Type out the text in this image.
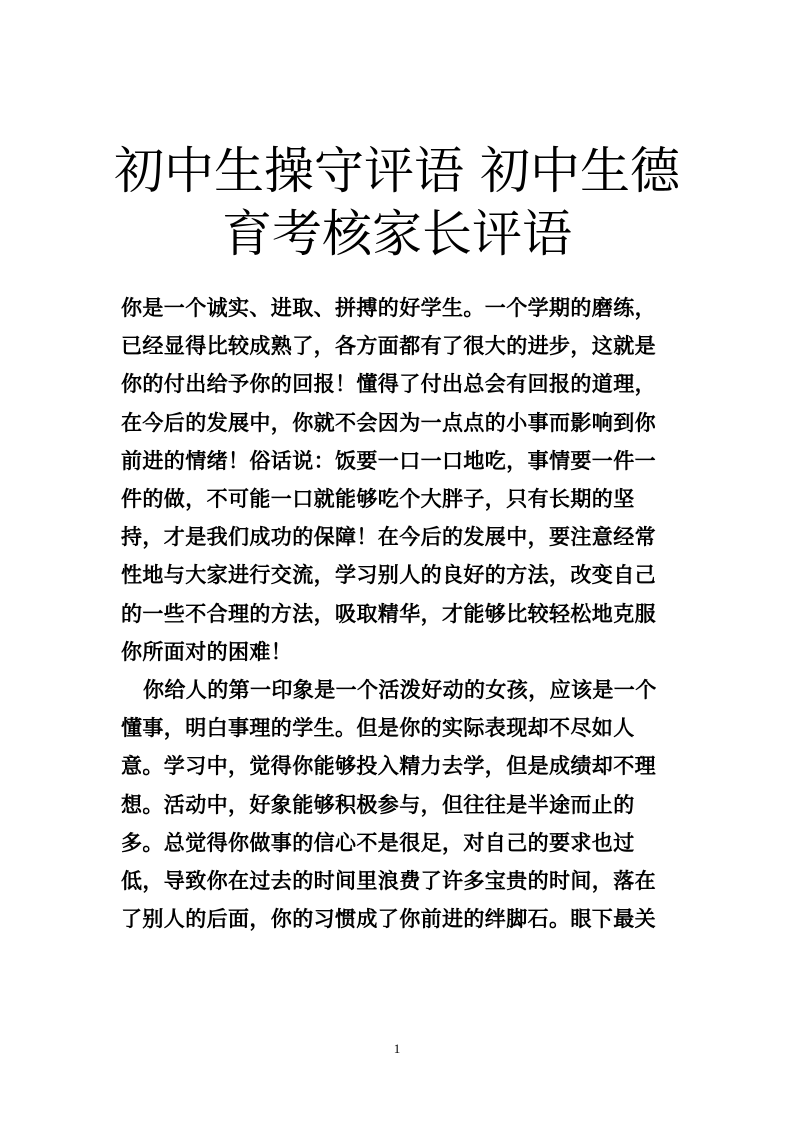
初中生操守评语 初中生德
育考核家长评语

你是一个诚实、进取、拼搏的好学生。一个学期的磨练，
已经显得比较成熟了，各方面都有了很大的进步，这就是
你的付出给予你的回报！懂得了付出总会有回报的道理，
在今后的发展中，你就不会因为一点点的小事而影响到你
前进的情绪！俗话说：饭要一口一口地吃，事情要一件一
件的做，不可能一口就能够吃个大胖子，只有长期的坚
持，才是我们成功的保障！在今后的发展中，要注意经常
性地与大家进行交流，学习别人的良好的方法，改变自己
的一些不合理的方法，吸取精华，才能够比较轻松地克服
你所面对的困难！

你给人的第一印象是一个活泼好动的女孩，应该是一个
懂事，明白事理的学生。但是你的实际表现却不尽如人
意。学习中，觉得你能够投入精力去学，但是成绩却不理
想。活动中，好象能够积极参与，但往往是半途而止的
多。总觉得你做事的信心不是很足，对自己的要求也过
低，导致你在过去的时间里浪费了许多宝贵的时间，落在
了别人的后面，你的习惯成了你前进的绊脚石。眼下最关

1
